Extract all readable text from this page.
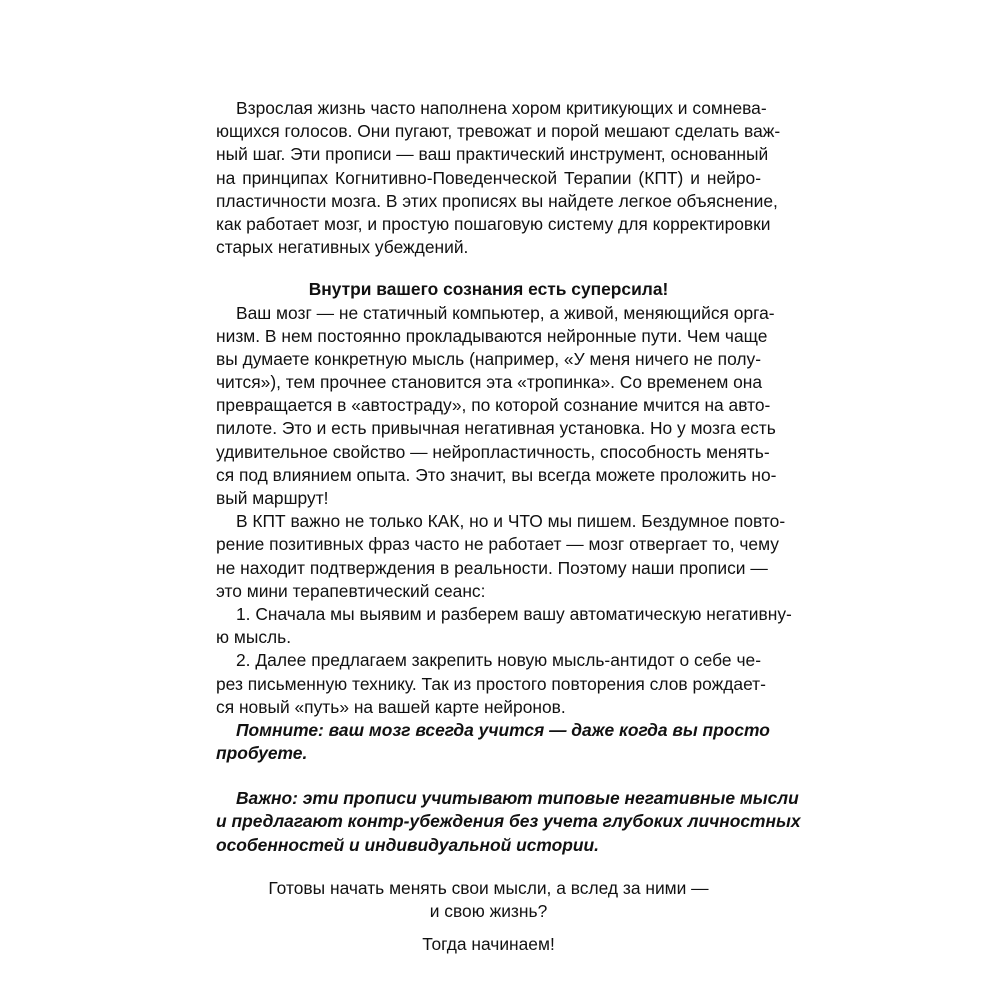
Взрослая жизнь часто наполнена хором критикующих и сомнева-
ющихся голосов. Они пугают, тревожат и порой мешают сделать важ-
ный шаг. Эти прописи — ваш практический инструмент, основанный
на принципах Когнитивно-Поведенческой Терапии (КПТ) и нейро-
пластичности мозга. В этих прописях вы найдете легкое объяснение,
как работает мозг, и простую пошаговую систему для корректировки
старых негативных убеждений.
Внутри вашего сознания есть суперсила!
Ваш мозг — не статичный компьютер, а живой, меняющийся орга-
низм. В нем постоянно прокладываются нейронные пути. Чем чаще
вы думаете конкретную мысль (например, «У меня ничего не полу-
чится»), тем прочнее становится эта «тропинка». Со временем она
превращается в «автостраду», по которой сознание мчится на авто-
пилоте. Это и есть привычная негативная установка. Но у мозга есть
удивительное свойство — нейропластичность, способность менять-
ся под влиянием опыта. Это значит, вы всегда можете проложить но-
вый маршрут!
В КПТ важно не только КАК, но и ЧТО мы пишем. Бездумное повто-
рение позитивных фраз часто не работает — мозг отвергает то, чему
не находит подтверждения в реальности. Поэтому наши прописи —
это мини терапевтический сеанс:
1. Сначала мы выявим и разберем вашу автоматическую негативну-
ю мысль.
2. Далее предлагаем закрепить новую мысль-антидот о себе че-
рез письменную технику. Так из простого повторения слов рождает-
ся новый «путь» на вашей карте нейронов.
Помните: ваш мозг всегда учится — даже когда вы просто
пробуете.
Важно: эти прописи учитывают типовые негативные мысли
и предлагают контр-убеждения без учета глубоких личностных
особенностей и индивидуальной истории.
Готовы начать менять свои мысли, а вслед за ними —
и свою жизнь?
Тогда начинаем!
